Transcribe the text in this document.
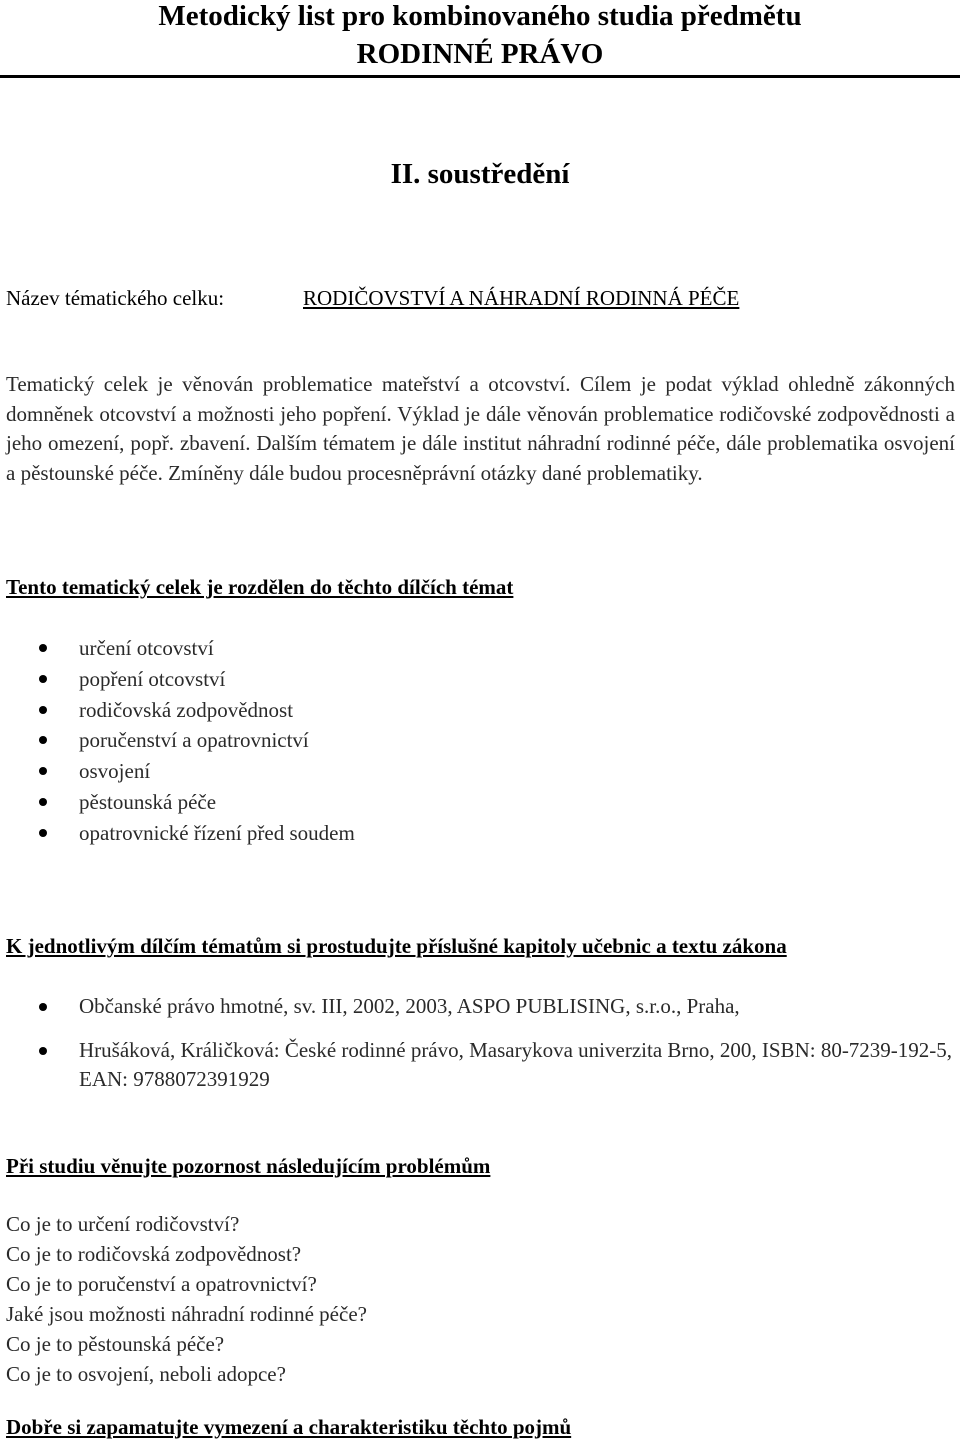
Metodický list pro kombinovaného studia předmětu
RODINNÉ PRÁVO
II. soustředění
Název tématického celku:	RODIČOVSTVÍ A NÁHRADNÍ RODINNÁ PÉČE

Tematický celek je věnován problematice mateřství a otcovství. Cílem je podat výklad ohledně zákonných domněnek otcovství a možnosti jeho popření. Výklad je dále věnován problematice rodičovské zodpovědnosti a jeho omezení, popř. zbavení. Dalším tématem je dále institut náhradní rodinné péče, dále problematika osvojení a pěstounské péče. Zmíněny dále budou procesněprávní otázky dané problematiky.

Tento tematický celek je rozdělen do těchto dílčích témat
určení otcovství
popření otcovství
rodičovská zodpovědnost
poručenství a opatrovnictví
osvojení
pěstounská péče
opatrovnické řízení před soudem
K jednotlivým dílčím tématům si prostudujte příslušné kapitoly učebnic a textu zákona
Občanské právo hmotné, sv. III, 2002, 2003, ASPO PUBLISING, s.r.o., Praha,
Hrušáková, Králičková: České rodinné právo, Masarykova univerzita Brno, 200, ISBN: 80-7239-192-5, EAN: 9788072391929
Při studiu věnujte pozornost následujícím problémům
Co je to určení rodičovství?
Co je to rodičovská zodpovědnost?
Co je to poručenství a opatrovnictví?
Jaké jsou možnosti náhradní rodinné péče?
Co je to pěstounská péče?
Co je to osvojení, neboli adopce?
Dobře si zapamatujte vymezení a charakteristiku těchto pojmů
